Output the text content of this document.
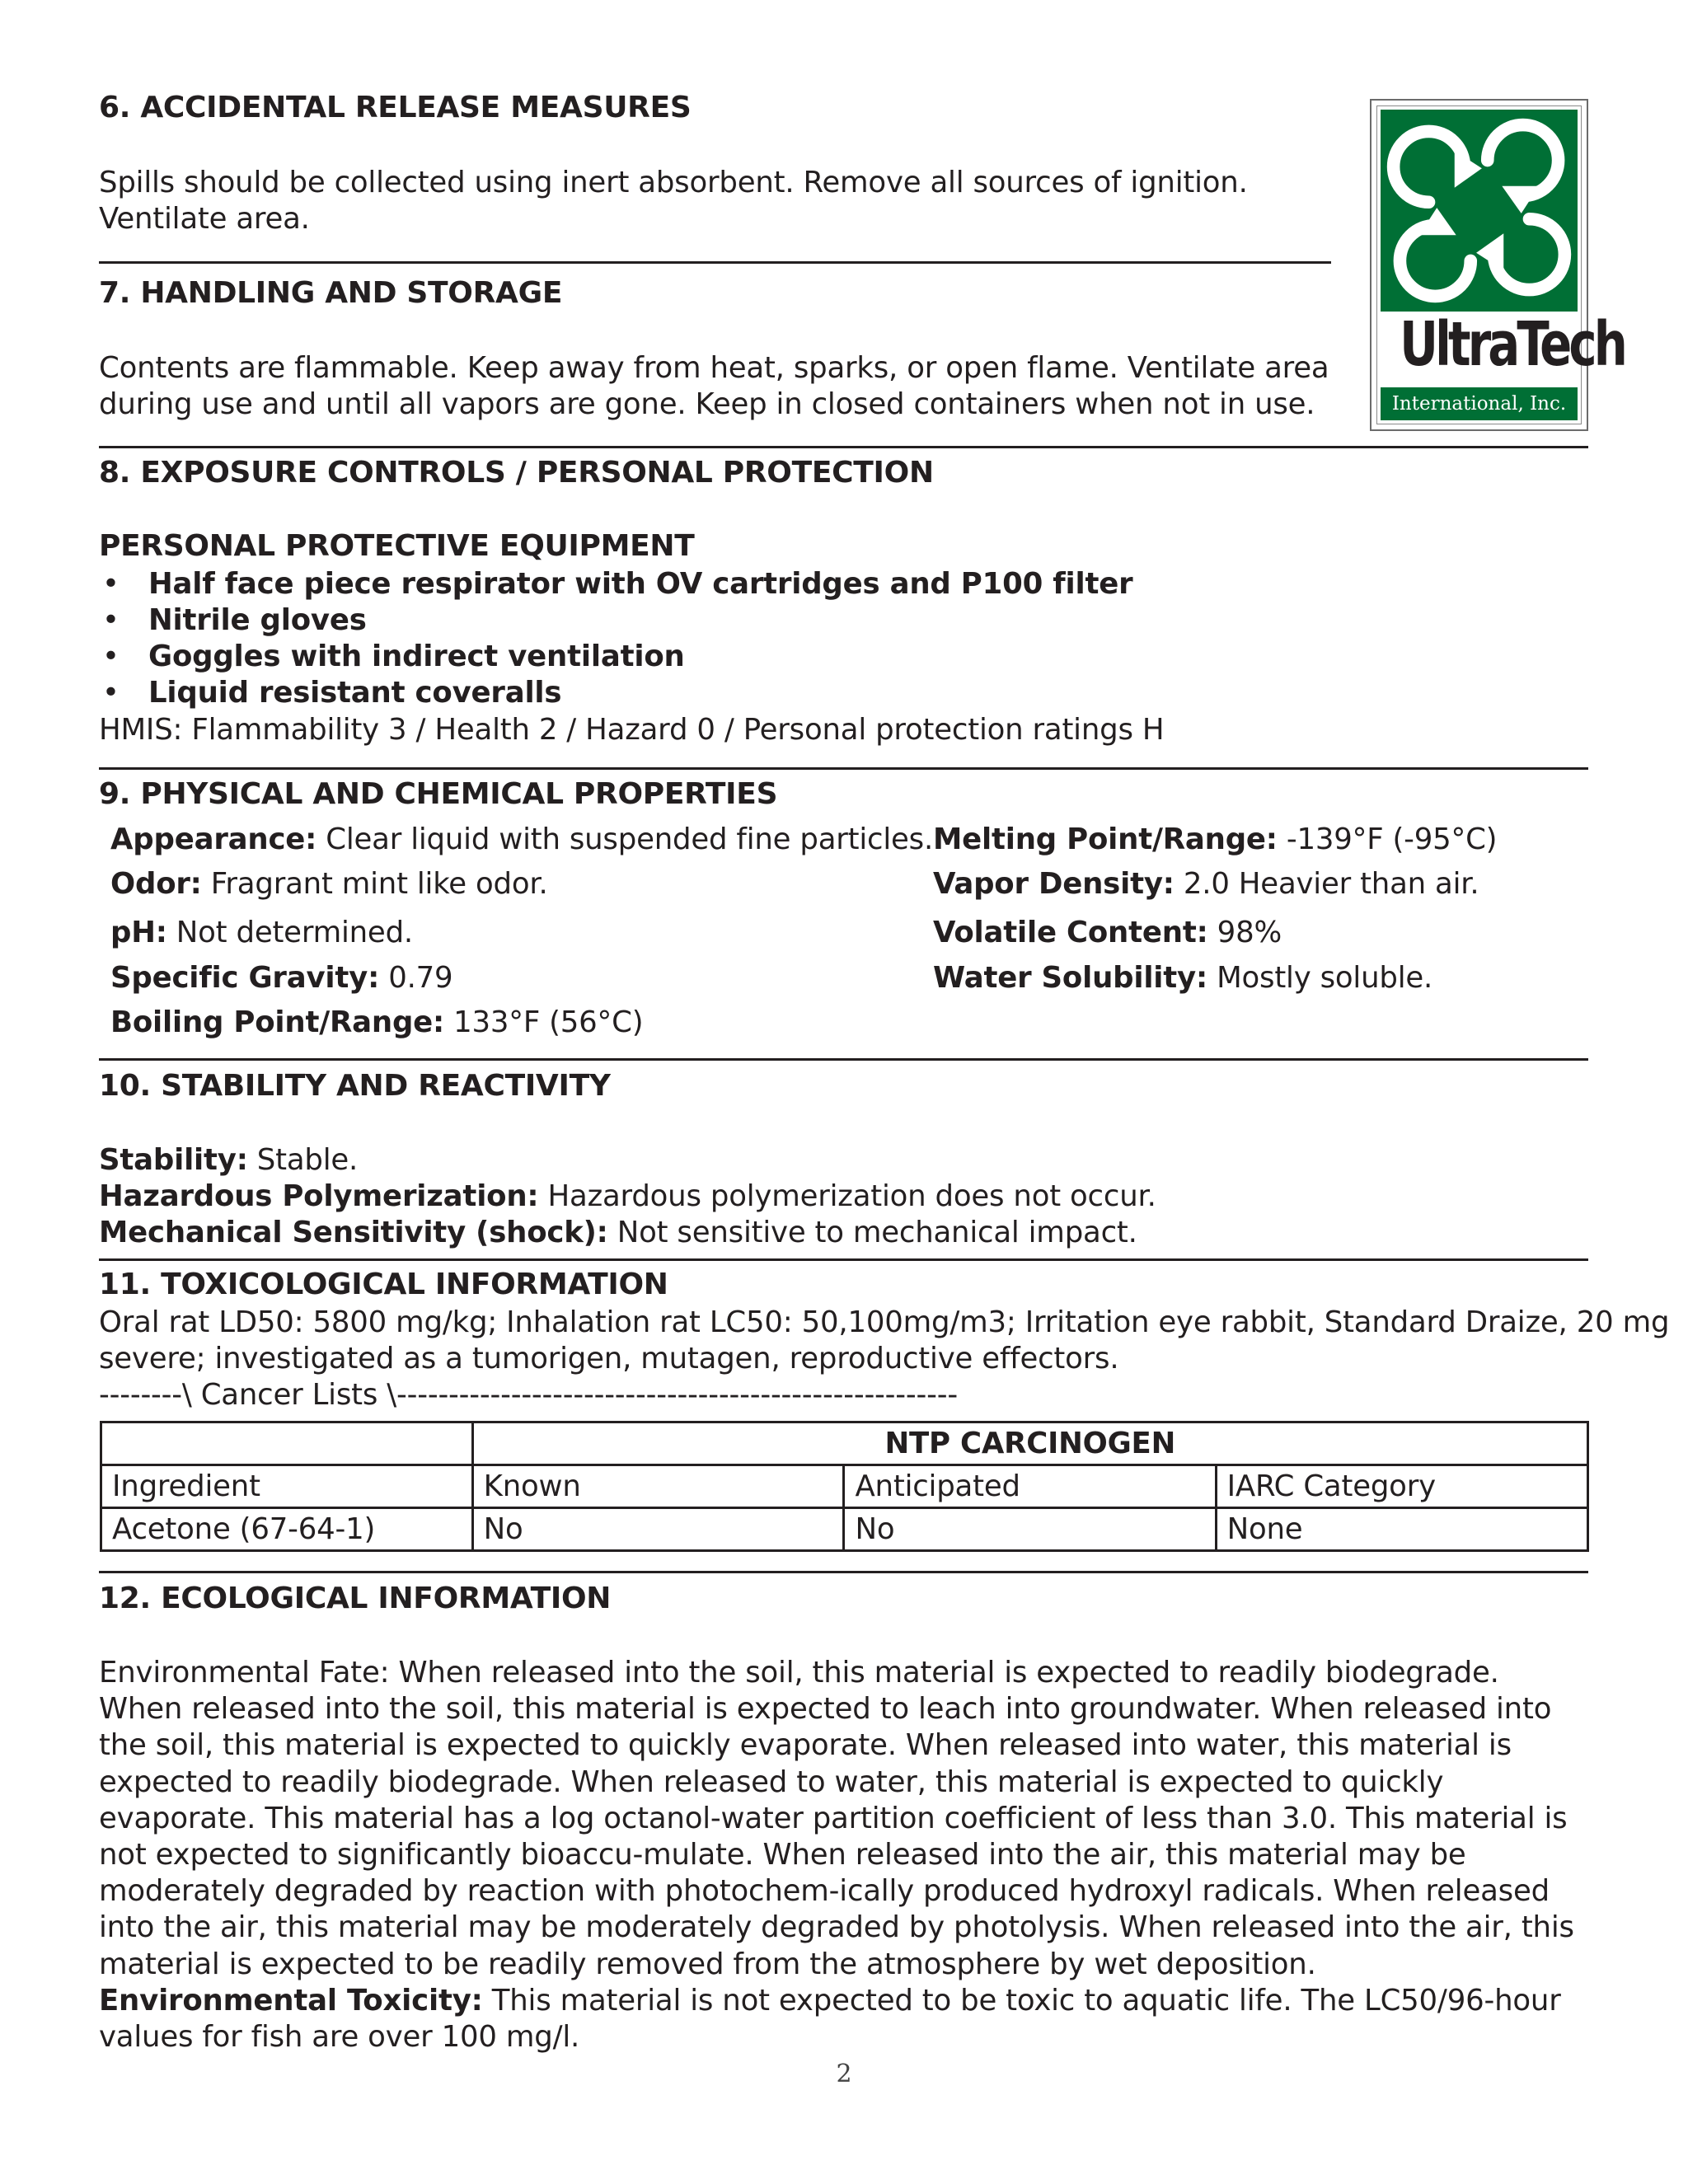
UltraTech
International, Inc.
6. ACCIDENTAL RELEASE MEASURES
Spills should be collected using inert absorbent. Remove all sources of ignition.
Ventilate area.
7. HANDLING AND STORAGE
Contents are flammable. Keep away from heat, sparks, or open flame. Ventilate area
during use and until all vapors are gone. Keep in closed containers when not in use.
8. EXPOSURE CONTROLS / PERSONAL PROTECTION
PERSONAL PROTECTIVE EQUIPMENT
• Half face piece respirator with OV cartridges and P100 filter
• Nitrile gloves
• Goggles with indirect ventilation
• Liquid resistant coveralls
HMIS: Flammability 3 / Health 2 / Hazard 0 / Personal protection ratings H
9. PHYSICAL AND CHEMICAL PROPERTIES
Appearance: Clear liquid with suspended fine particles.
Odor: Fragrant mint like odor.
pH: Not determined.
Specific Gravity: 0.79
Boiling Point/Range: 133°F (56°C)
Melting Point/Range: -139°F (-95°C)
Vapor Density: 2.0 Heavier than air.
Volatile Content: 98%
Water Solubility: Mostly soluble.
10. STABILITY AND REACTIVITY
Stability: Stable.
Hazardous Polymerization: Hazardous polymerization does not occur.
Mechanical Sensitivity (shock): Not sensitive to mechanical impact.
11. TOXICOLOGICAL INFORMATION
Oral rat LD50: 5800 mg/kg; Inhalation rat LC50: 50,100mg/m3; Irritation eye rabbit, Standard Draize, 20 mg
severe; investigated as a tumorigen, mutagen, reproductive effectors.
--------\ Cancer Lists \------------------------------------------------------
	NTP CARCINOGEN		
Ingredient	Known	Anticipated	IARC Category
Acetone (67-64-1)	No	No	None
12. ECOLOGICAL INFORMATION
Environmental Fate: When released into the soil, this material is expected to readily biodegrade. When released into the soil, this material is expected to leach into groundwater. When released into the soil, this material is expected to quickly evaporate. When released into water, this material is expected to readily biodegrade. When released to water, this material is expected to quickly evaporate. This material has a log octanol-water partition coefficient of less than 3.0. This material is not expected to significantly bioaccu-mulate. When released into the air, this material may be moderately degraded by reaction with photochem-ically produced hydroxyl radicals. When released into the air, this material may be moderately degraded by photolysis. When released into the air, this material is expected to be readily removed from the atmosphere by wet deposition.
Environmental Toxicity: This material is not expected to be toxic to aquatic life. The LC50/96-hour values for fish are over 100 mg/l.
2
